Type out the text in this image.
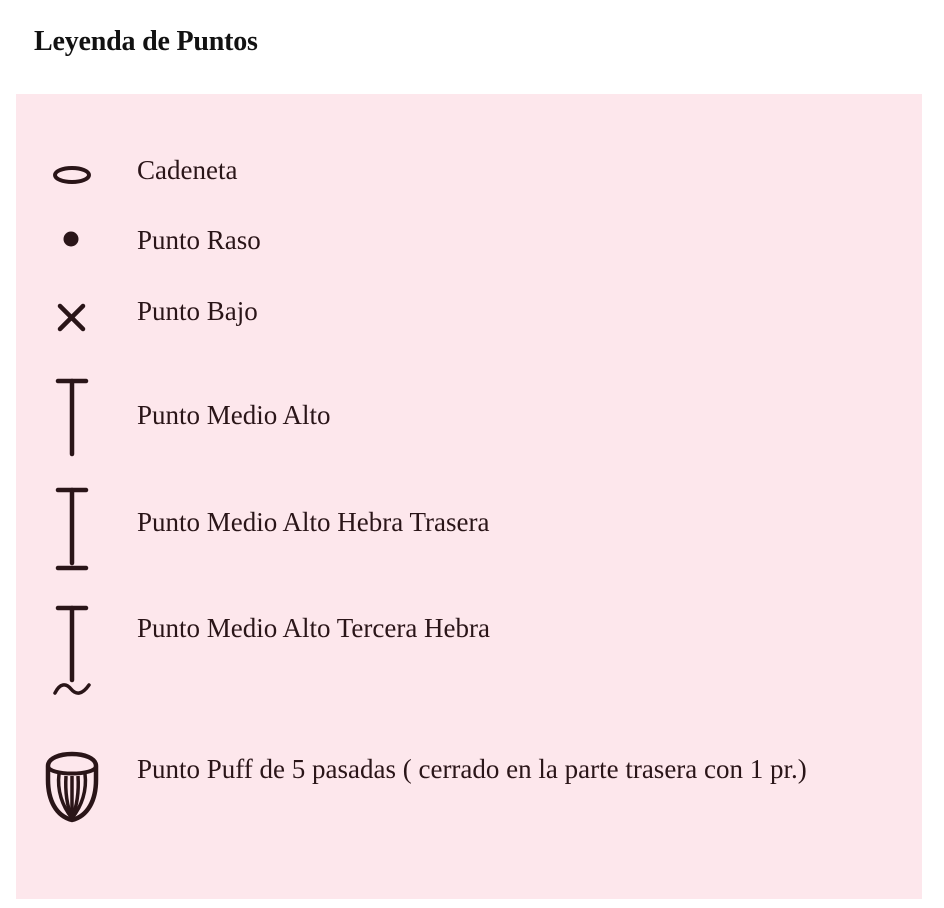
Leyenda de Puntos
Cadeneta
Punto Raso
Punto Bajo
Punto Medio Alto
Punto Medio Alto Hebra Trasera
Punto Medio Alto Tercera Hebra
Punto Puff de 5 pasadas ( cerrado en la parte trasera con 1 pr.)
